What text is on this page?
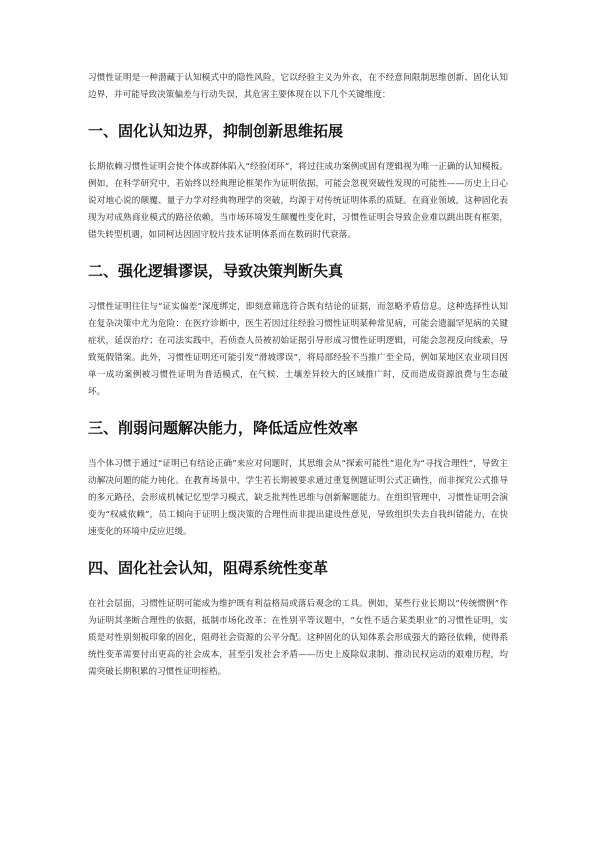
习惯性证明是一种潜藏于认知模式中的隐性风险，它以经验主义为外衣，在不经意间限制思维创新、固化认知边界，并可能导致决策偏差与行动失误，其危害主要体现在以下几个关键维度：

一、固化认知边界，抑制创新思维拓展

长期依赖习惯性证明会使个体或群体陷入“经验闭环”，将过往成功案例或固有逻辑视为唯一正确的认知模板。例如，在科学研究中，若始终以经典理论框架作为证明依据，可能会忽视突破性发现的可能性——历史上日心说对地心说的颠覆、量子力学对经典物理学的突破，均源于对传统证明体系的质疑。在商业领域，这种固化表现为对成熟商业模式的路径依赖，当市场环境发生颠覆性变化时，习惯性证明会导致企业难以跳出既有框架，错失转型机遇，如同柯达因固守胶片技术证明体系而在数码时代衰落。

二、强化逻辑谬误，导致决策判断失真

习惯性证明往往与“证实偏差”深度绑定，即刻意筛选符合既有结论的证据，而忽略矛盾信息。这种选择性认知在复杂决策中尤为危险：在医疗诊断中，医生若因过往经验习惯性证明某种常见病，可能会遗漏罕见病的关键症状，延误治疗；在司法实践中，若侦查人员被初始证据引导形成习惯性证明逻辑，可能会忽视反向线索，导致冤假错案。此外，习惯性证明还可能引发“滑坡谬误”，将局部经验不当推广至全局，例如某地区农业项目因单一成功案例被习惯性证明为普适模式，在气候、土壤差异较大的区域推广时，反而造成资源浪费与生态破坏。

三、削弱问题解决能力，降低适应性效率

当个体习惯于通过“证明已有结论正确”来应对问题时，其思维会从“探索可能性”退化为“寻找合理性”，导致主动解决问题的能力钝化。在教育场景中，学生若长期被要求通过重复例题证明公式正确性，而非探究公式推导的多元路径，会形成机械记忆型学习模式，缺乏批判性思维与创新解题能力。在组织管理中，习惯性证明会演变为“权威依赖”，员工倾向于证明上级决策的合理性而非提出建设性意见，导致组织失去自我纠错能力，在快速变化的环境中反应迟缓。

四、固化社会认知，阻碍系统性变革

在社会层面，习惯性证明可能成为维护既有利益格局或落后观念的工具。例如，某些行业长期以“传统惯例”作为证明其垄断合理性的依据，抵制市场化改革；在性别平等议题中，“女性不适合某类职业”的习惯性证明，实质是对性别刻板印象的固化，阻碍社会资源的公平分配。这种固化的认知体系会形成强大的路径依赖，使得系统性变革需要付出更高的社会成本，甚至引发社会矛盾——历史上废除奴隶制、推动民权运动的艰难历程，均需突破长期积累的习惯性证明桎梏。
